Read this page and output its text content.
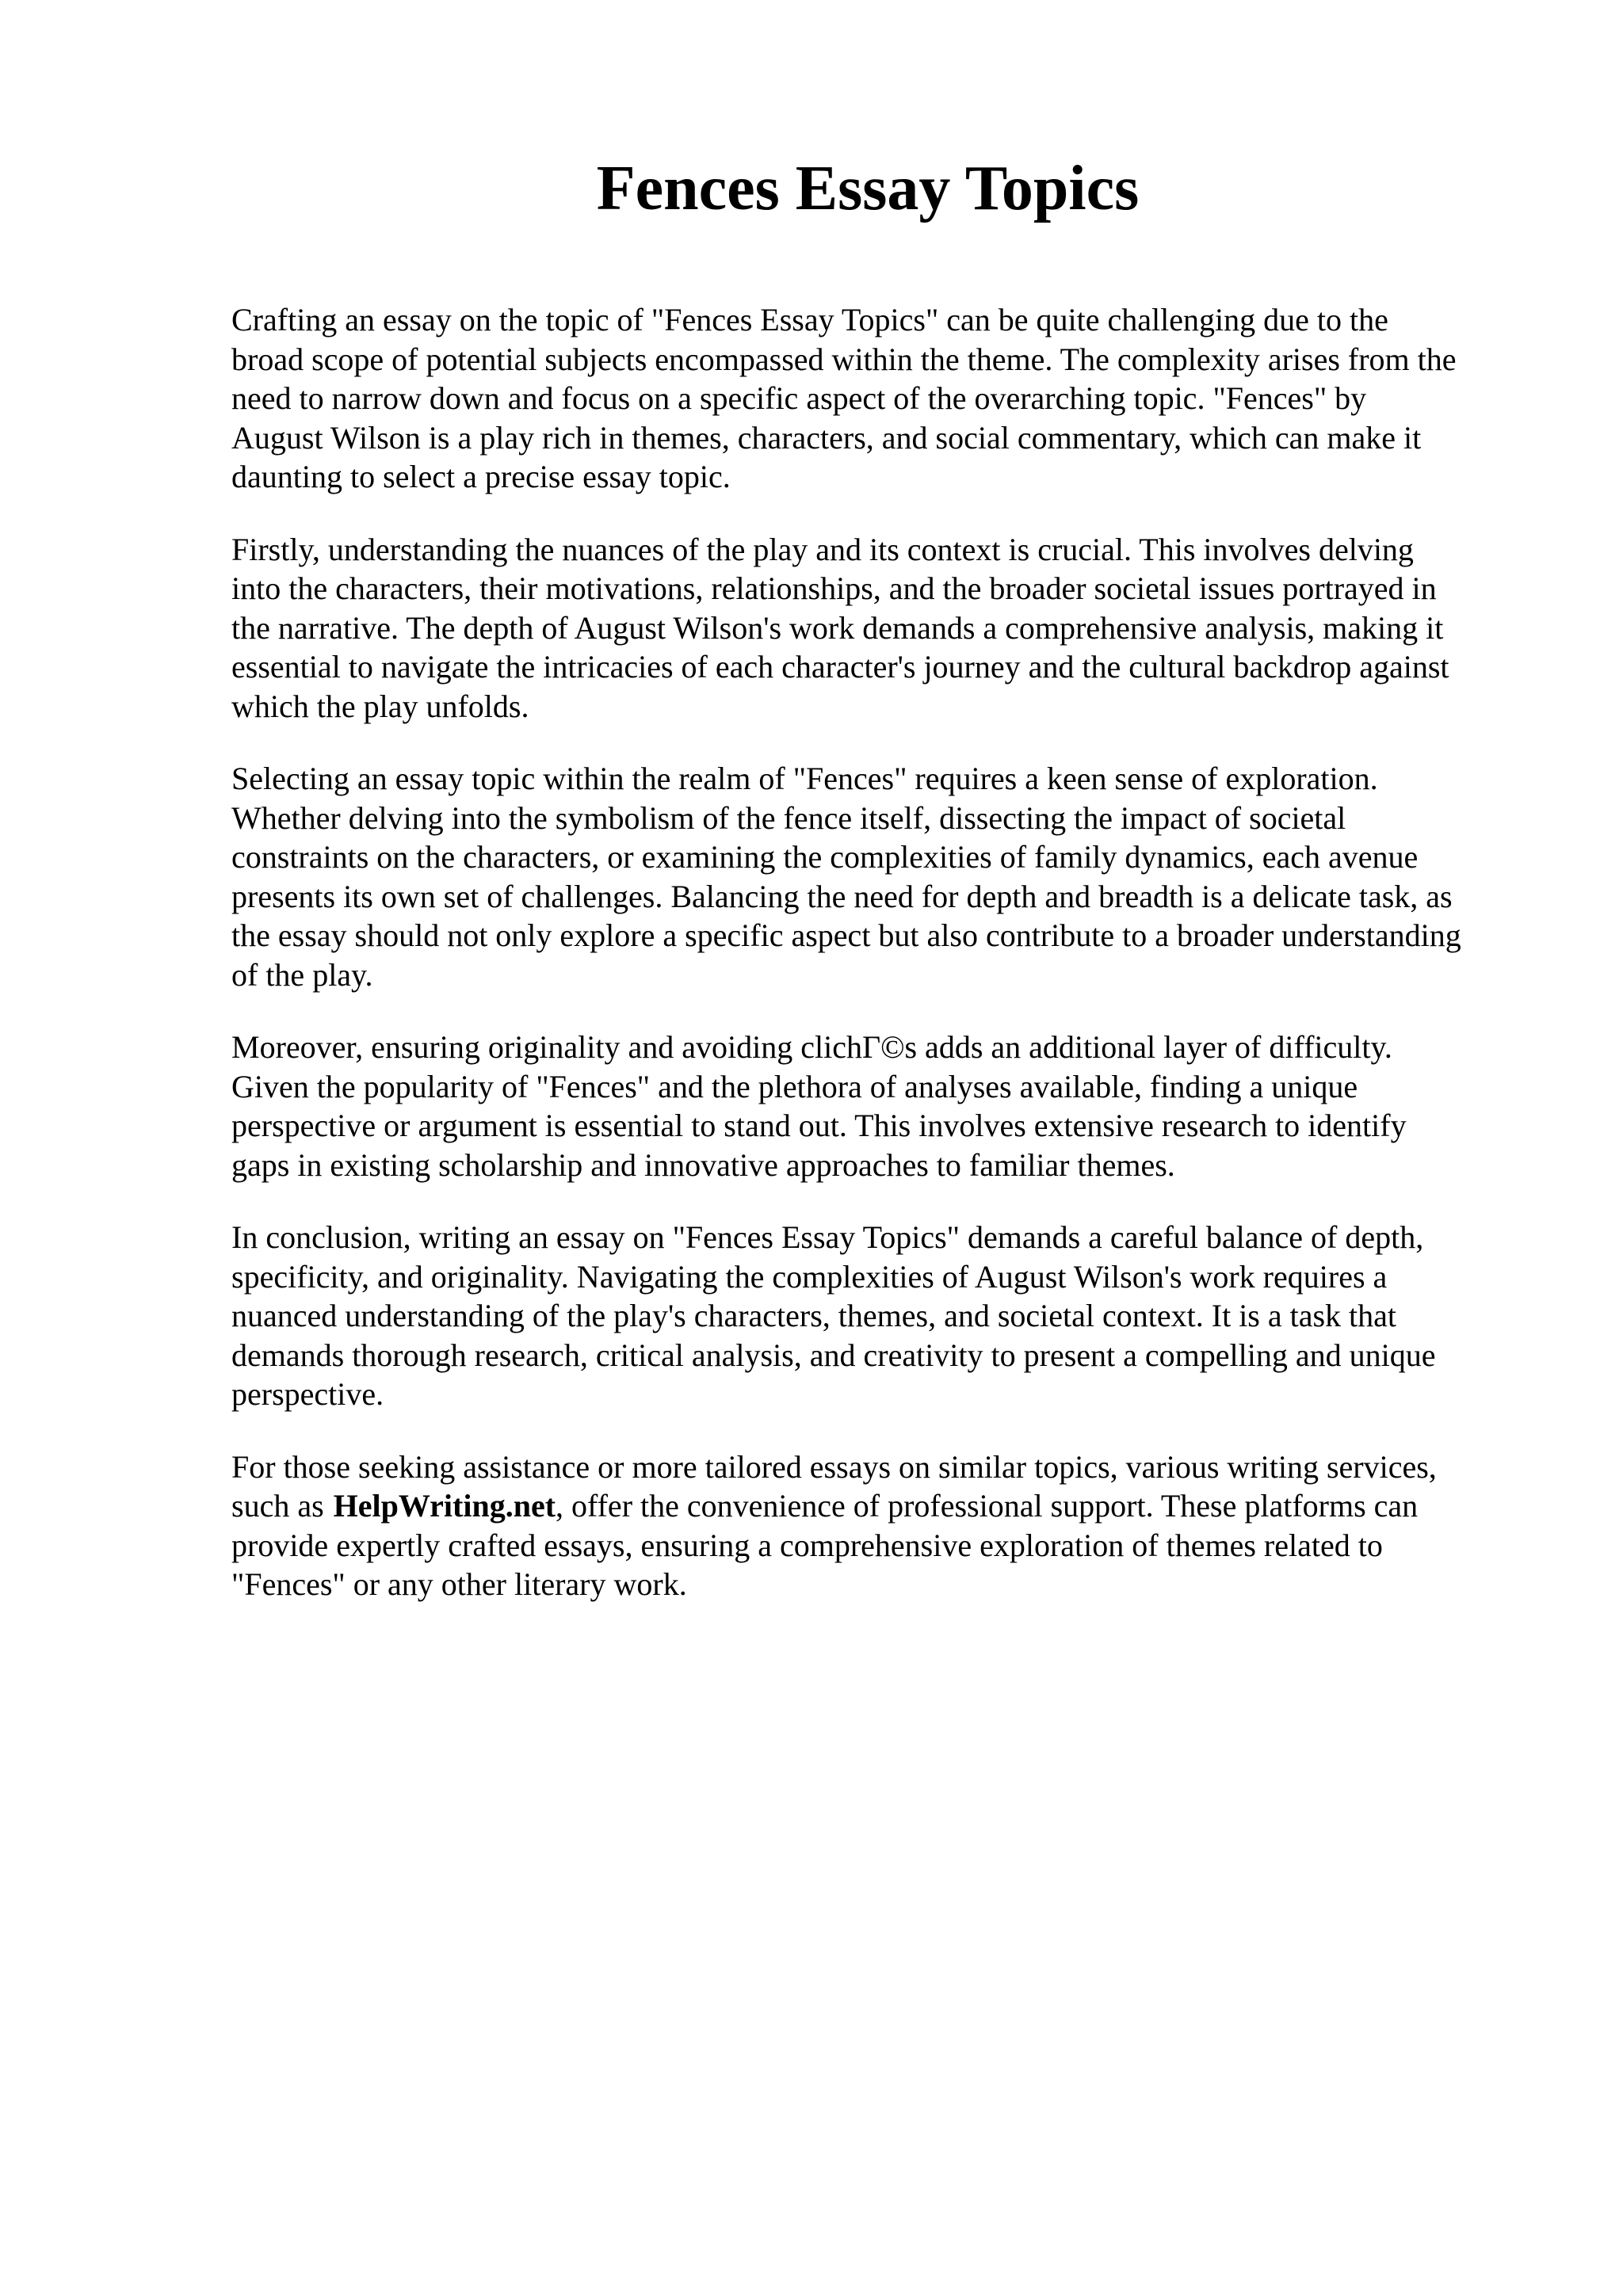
Fences Essay Topics

Crafting an essay on the topic of "Fences Essay Topics" can be quite challenging due to the
broad scope of potential subjects encompassed within the theme. The complexity arises from the
need to narrow down and focus on a specific aspect of the overarching topic. "Fences" by
August Wilson is a play rich in themes, characters, and social commentary, which can make it
daunting to select a precise essay topic.

Firstly, understanding the nuances of the play and its context is crucial. This involves delving
into the characters, their motivations, relationships, and the broader societal issues portrayed in
the narrative. The depth of August Wilson's work demands a comprehensive analysis, making it
essential to navigate the intricacies of each character's journey and the cultural backdrop against
which the play unfolds.

Selecting an essay topic within the realm of "Fences" requires a keen sense of exploration.
Whether delving into the symbolism of the fence itself, dissecting the impact of societal
constraints on the characters, or examining the complexities of family dynamics, each avenue
presents its own set of challenges. Balancing the need for depth and breadth is a delicate task, as
the essay should not only explore a specific aspect but also contribute to a broader understanding
of the play.

Moreover, ensuring originality and avoiding clichГ©s adds an additional layer of difficulty.
Given the popularity of "Fences" and the plethora of analyses available, finding a unique
perspective or argument is essential to stand out. This involves extensive research to identify
gaps in existing scholarship and innovative approaches to familiar themes.

In conclusion, writing an essay on "Fences Essay Topics" demands a careful balance of depth,
specificity, and originality. Navigating the complexities of August Wilson's work requires a
nuanced understanding of the play's characters, themes, and societal context. It is a task that
demands thorough research, critical analysis, and creativity to present a compelling and unique
perspective.

For those seeking assistance or more tailored essays on similar topics, various writing services,
such as HelpWriting.net, offer the convenience of professional support. These platforms can
provide expertly crafted essays, ensuring a comprehensive exploration of themes related to
"Fences" or any other literary work.
